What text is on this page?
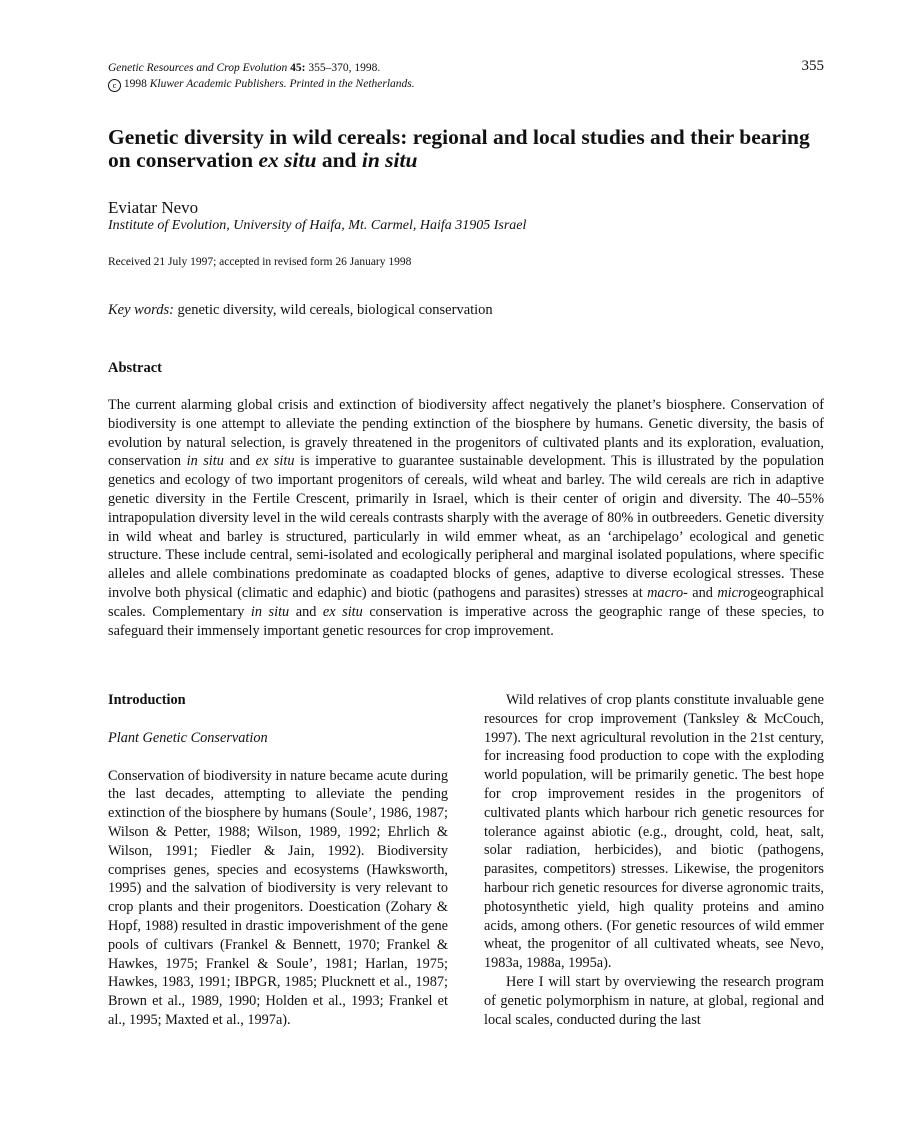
Genetic Resources and Crop Evolution 45: 355–370, 1998.
c 1998 Kluwer Academic Publishers. Printed in the Netherlands.
355
Genetic diversity in wild cereals: regional and local studies and their bearing
on conservation ex situ and in situ
Eviatar Nevo
Institute of Evolution, University of Haifa, Mt. Carmel, Haifa 31905 Israel
Received 21 July 1997; accepted in revised form 26 January 1998
Key words: genetic diversity, wild cereals, biological conservation
Abstract
The current alarming global crisis and extinction of biodiversity affect negatively the planet’s biosphere. Conservation of biodiversity is one attempt to alleviate the pending extinction of the biosphere by humans. Genetic diversity, the basis of evolution by natural selection, is gravely threatened in the progenitors of cultivated plants and its exploration, evaluation, conservation in situ and ex situ is imperative to guarantee sustainable development. This is illustrated by the population genetics and ecology of two important progenitors of cereals, wild wheat and barley. The wild cereals are rich in adaptive genetic diversity in the Fertile Crescent, primarily in Israel, which is their center of origin and diversity. The 40–55% intrapopulation diversity level in the wild cereals contrasts sharply with the average of 80% in outbreeders. Genetic diversity in wild wheat and barley is structured, particularly in wild emmer wheat, as an ‘archipelago’ ecological and genetic structure. These include central, semi-isolated and ecologically peripheral and marginal isolated populations, where specific alleles and allele combinations predominate as coadapted blocks of genes, adaptive to diverse ecological stresses. These involve both physical (climatic and edaphic) and biotic (pathogens and parasites) stresses at macro- and microgeographical scales. Complementary in situ and ex situ conservation is imperative across the geographic range of these species, to safeguard their immensely important genetic resources for crop improvement.
Introduction
Plant Genetic Conservation

Conservation of biodiversity in nature became acute during the last decades, attempting to alleviate the pending extinction of the biosphere by humans (Soule’, 1986, 1987; Wilson & Petter, 1988; Wilson, 1989, 1992; Ehrlich & Wilson, 1991; Fiedler & Jain, 1992). Biodiversity comprises genes, species and ecosystems (Hawksworth, 1995) and the salvation of biodiversity is very relevant to crop plants and their progenitors. Doestication (Zohary & Hopf, 1988) resulted in drastic impoverishment of the gene pools of cultivars (Frankel & Bennett, 1970; Frankel & Hawkes, 1975; Frankel & Soule’, 1981; Harlan, 1975; Hawkes, 1983, 1991; IBPGR, 1985; Plucknett et al., 1987; Brown et al., 1989, 1990; Holden et al., 1993; Frankel et al., 1995; Maxted et al., 1997a).

Wild relatives of crop plants constitute invaluable gene resources for crop improvement (Tanksley & McCouch, 1997). The next agricultural revolution in the 21st century, for increasing food production to cope with the exploding world population, will be primarily genetic. The best hope for crop improvement resides in the progenitors of cultivated plants which harbour rich genetic resources for tolerance against abiotic (e.g., drought, cold, heat, salt, solar radiation, herbicides), and biotic (pathogens, parasites, competitors) stresses. Likewise, the progenitors harbour rich genetic resources for diverse agronomic traits, photosynthetic yield, high quality proteins and amino acids, among others. (For genetic resources of wild emmer wheat, the progenitor of all cultivated wheats, see Nevo, 1983a, 1988a, 1995a).

Here I will start by overviewing the research program of genetic polymorphism in nature, at global, regional and local scales, conducted during the last
